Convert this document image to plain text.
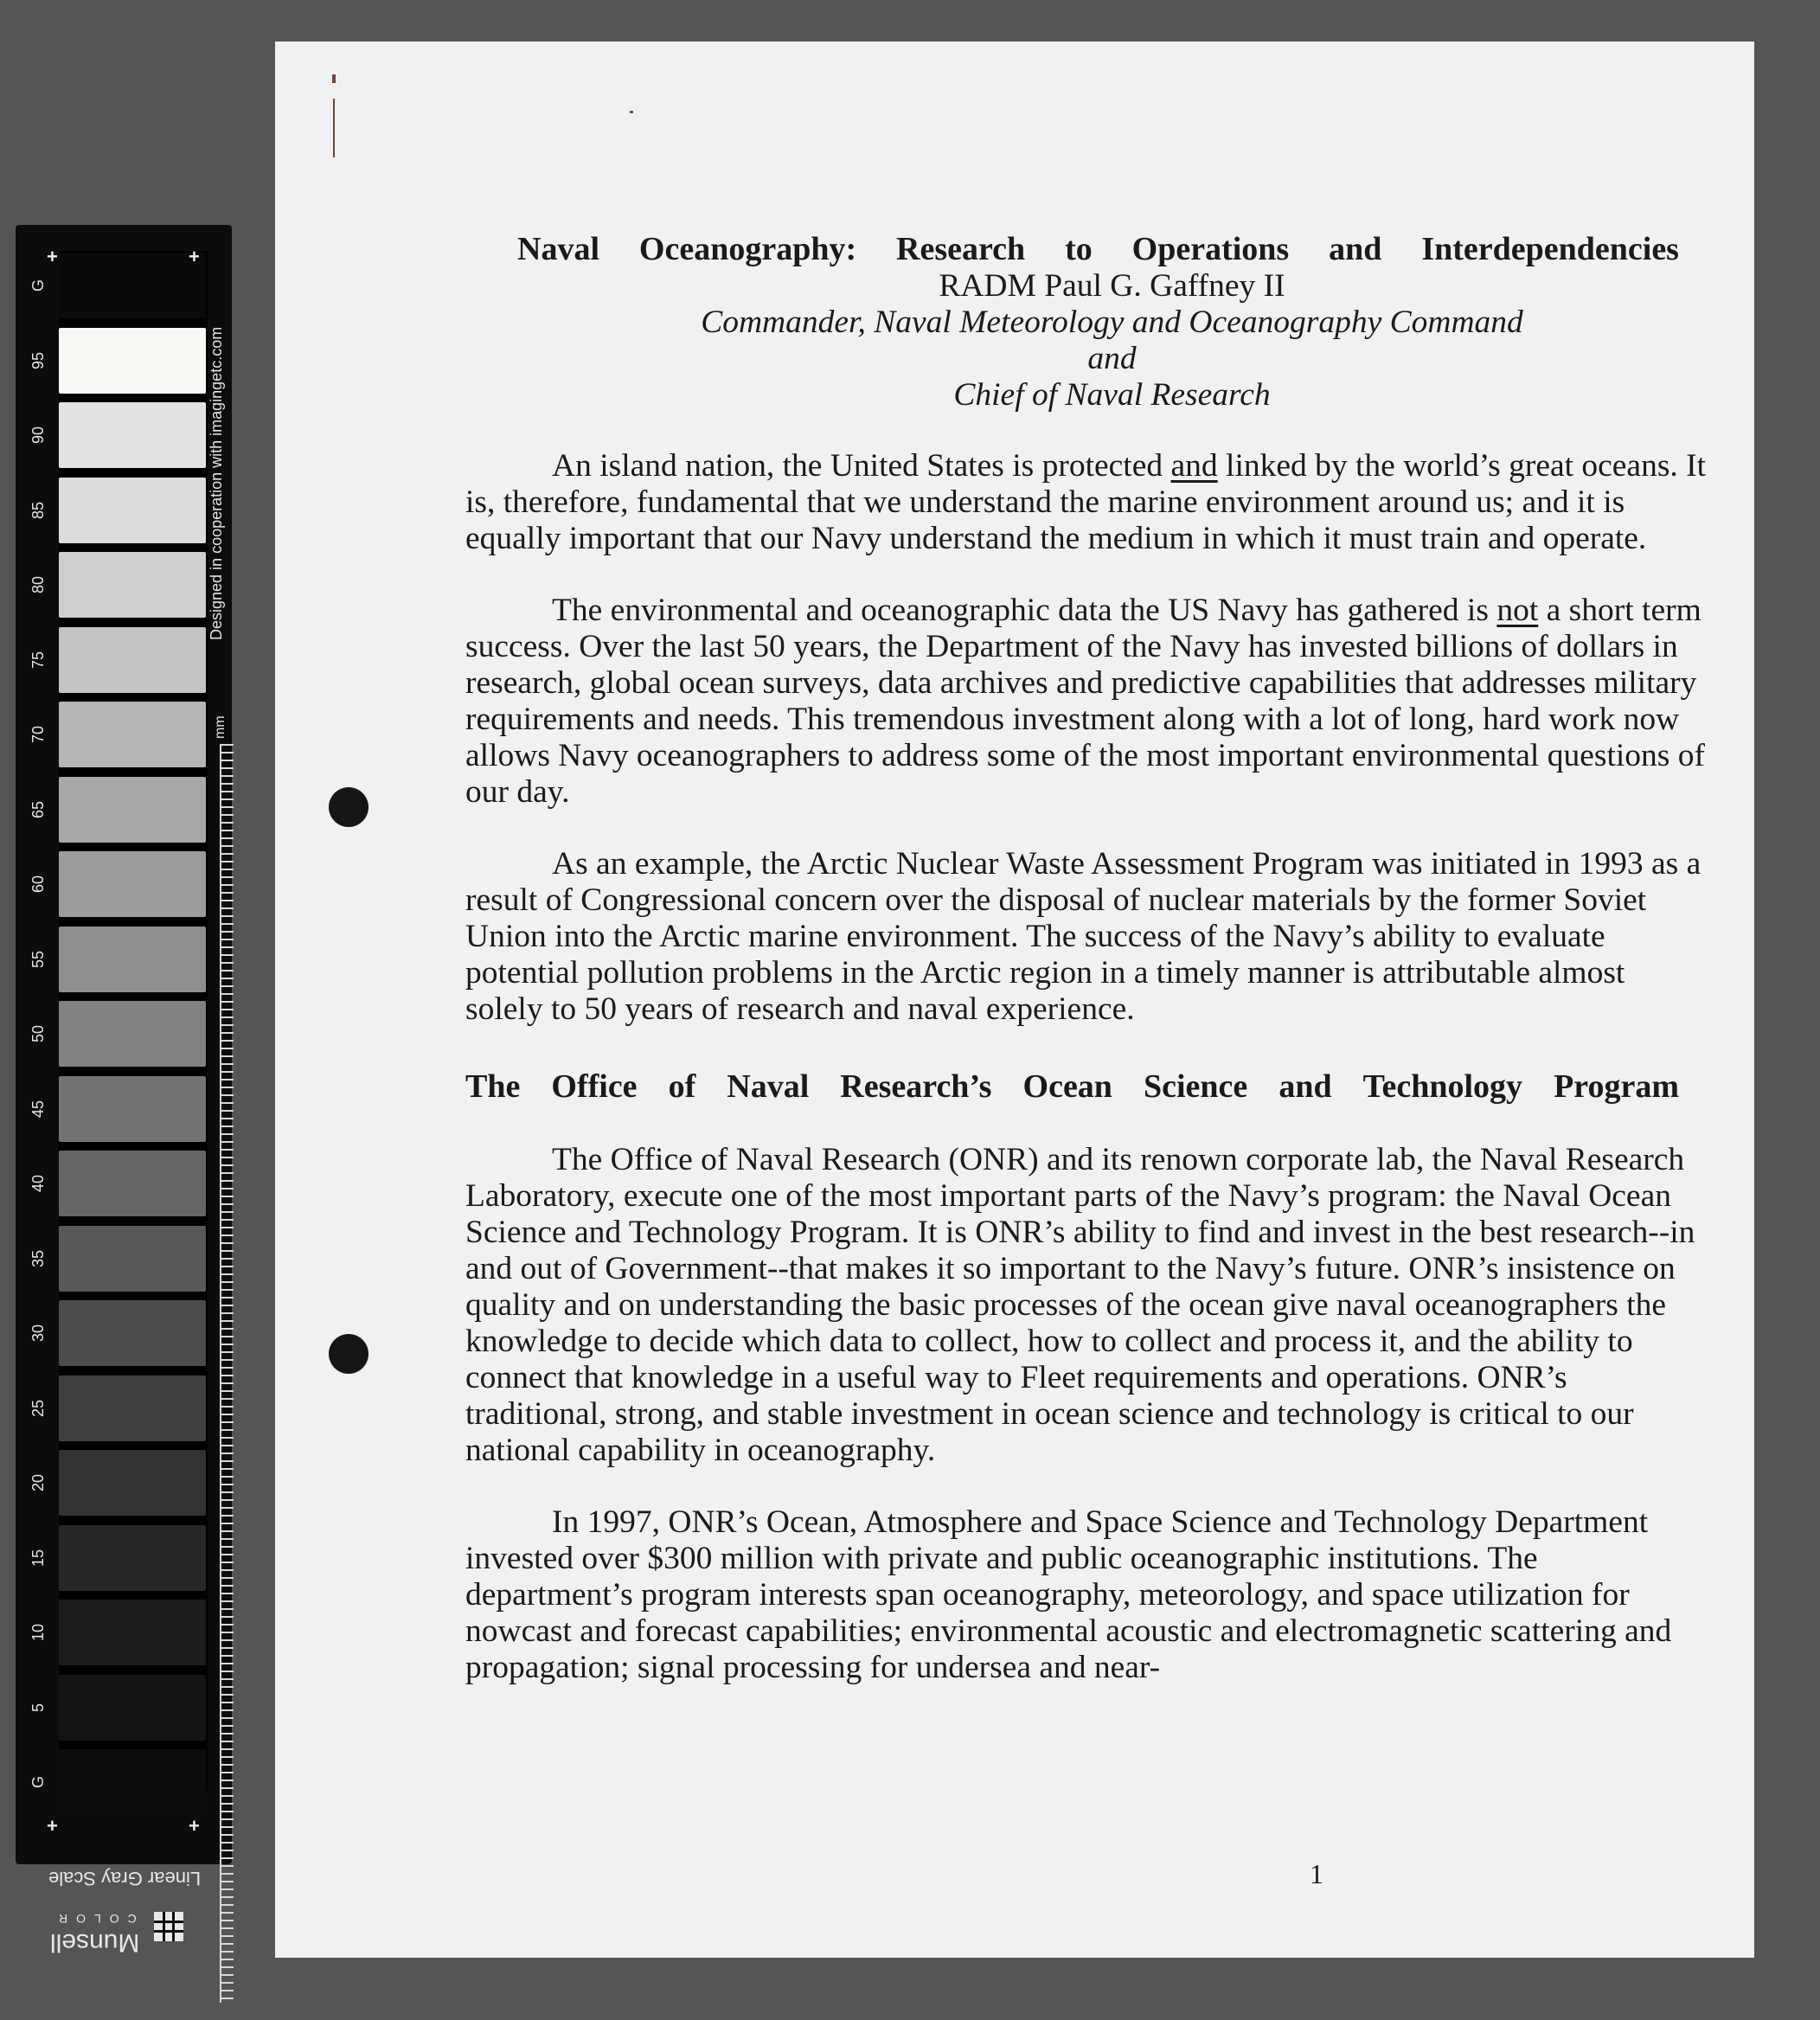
G
95
90
85
80
75
70
65
60
55
50
45
40
35
30
25
20
15
10
5
G
+	+
+	+
Designed in cooperation with imagingetc.com
mm
Linear Gray Scale
COLOR
Munsell
Naval Oceanography: Research to Operations and Interdependencies
RADM Paul G. Gaffney II
Commander, Naval Meteorology and Oceanography Command
and
Chief of Naval Research

An island nation, the United States is protected and linked by the world’s great oceans. It is, therefore, fundamental that we understand the marine environment around us; and it is equally important that our Navy understand the medium in which it must train and operate.

The environmental and oceanographic data the US Navy has gathered is not a short term success. Over the last 50 years, the Department of the Navy has invested billions of dollars in research, global ocean surveys, data archives and predictive capabilities that addresses military requirements and needs. This tremendous investment along with a lot of long, hard work now allows Navy oceanographers to address some of the most important environmental questions of our day.

As an example, the Arctic Nuclear Waste Assessment Program was initiated in 1993 as a result of Congressional concern over the disposal of nuclear materials by the former Soviet Union into the Arctic marine environment. The success of the Navy’s ability to evaluate potential pollution problems in the Arctic region in a timely manner is attributable almost solely to 50 years of research and naval experience.

The Office of Naval Research’s Ocean Science and Technology Program

The Office of Naval Research (ONR) and its renown corporate lab, the Naval Research Laboratory, execute one of the most important parts of the Navy’s program: the Naval Ocean Science and Technology Program. It is ONR’s ability to find and invest in the best research--in and out of Government--that makes it so important to the Navy’s future. ONR’s insistence on quality and on understanding the basic processes of the ocean give naval oceanographers the knowledge to decide which data to collect, how to collect and process it, and the ability to connect that knowledge in a useful way to Fleet requirements and operations. ONR’s traditional, strong, and stable investment in ocean science and technology is critical to our national capability in oceanography.

In 1997, ONR’s Ocean, Atmosphere and Space Science and Technology Department invested over $300 million with private and public oceanographic institutions. The department’s program interests span oceanography, meteorology, and space utilization for nowcast and forecast capabilities; environmental acoustic and electromagnetic scattering and propagation; signal processing for undersea and near-

1
